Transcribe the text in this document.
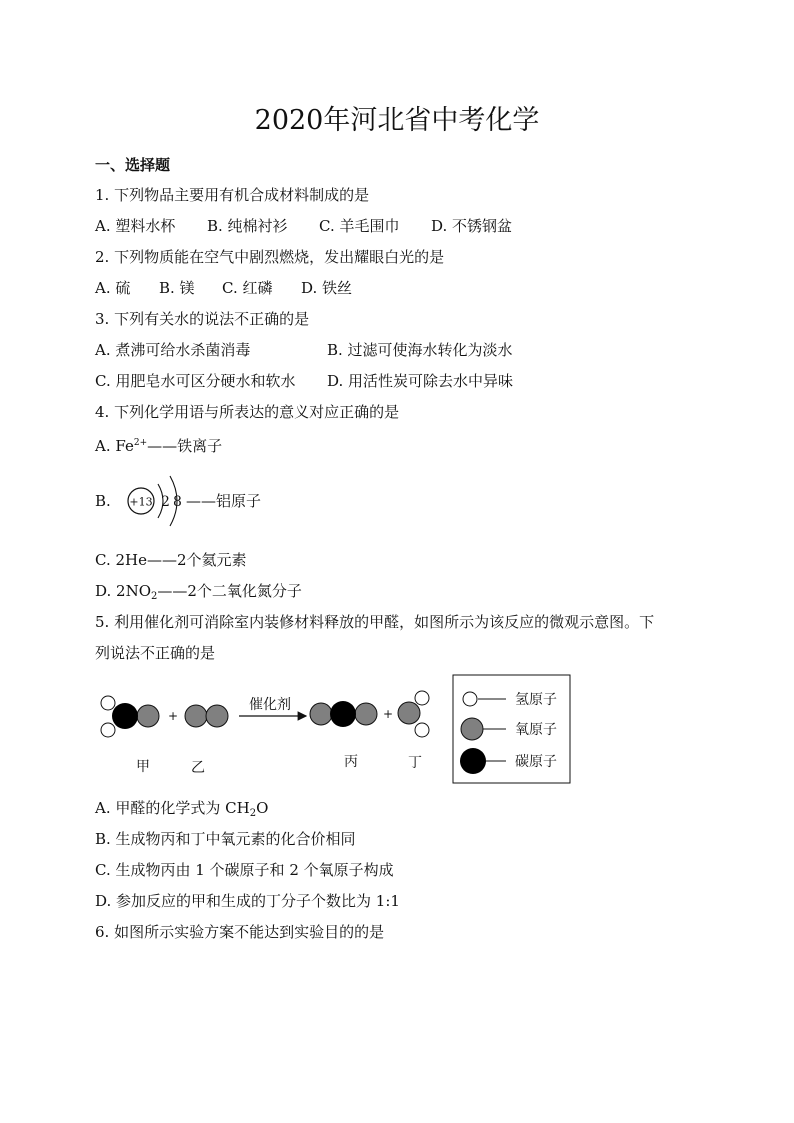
2020年河北省中考化学
一、选择题
1. 下列物品主要用有机合成材料制成的是
A. 塑料水杯 B. 纯棉衬衫 C. 羊毛围巾 D. 不锈钢盆
2. 下列物质能在空气中剧烈燃烧，发出耀眼白光的是
A. 硫 B. 镁 C. 红磷 D. 铁丝
3. 下列有关水的说法不正确的是
A. 煮沸可给水杀菌消毒	B. 过滤可使海水转化为淡水
C. 用肥皂水可区分硬水和软水 D. 用活性炭可除去水中异味
4. 下列化学用语与所表达的意义对应正确的是
A. $Fe^{2+}——$铁离子
B. +13 2 8 ——铝原子
C. 2He——2个氦元素
D. $2NO_2——2$个二氧化氮分子
5. 利用催化剂可消除室内装修材料释放的甲醛，如图所示为该反应的微观示意图。下
列说法不正确的是
+
催化剂
+
甲	乙	丙	丁
氢原子
氧原子
碳原子
A. 甲醛的化学式为 $CH_2O$
B. 生成物丙和丁中氧元素的化合价相同
C. 生成物丙由 1 个碳原子和 2 个氧原子构成
D. 参加反应的甲和生成的丁分子个数比为 1:1
6. 如图所示实验方案不能达到实验目的的是
